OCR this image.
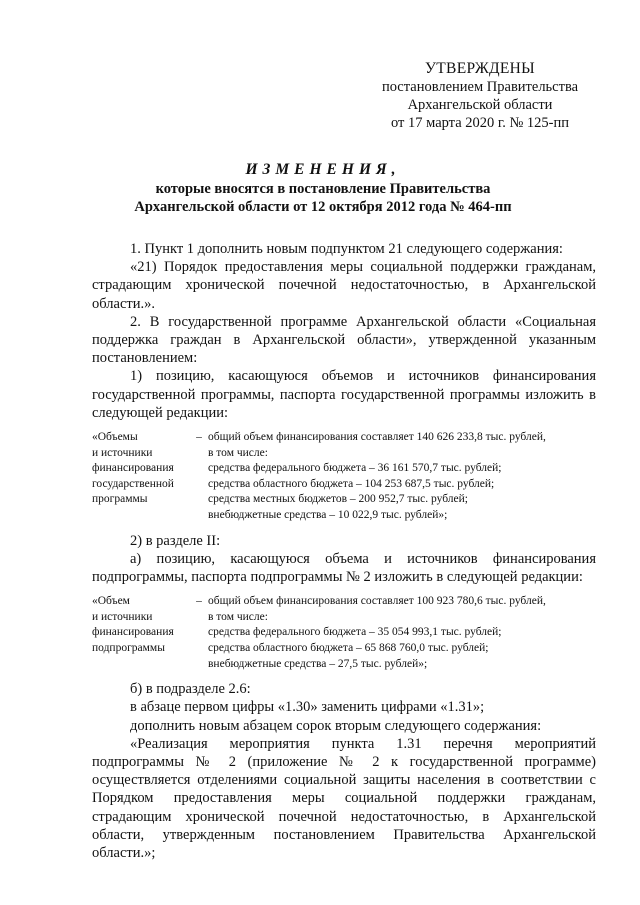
УТВЕРЖДЕНЫ
постановлением Правительства
Архангельской области
от 17 марта 2020 г. № 125-пп
ИЗМЕНЕНИЯ,
которые вносятся в постановление Правительства
Архангельской области от 12 октября 2012 года № 464-пп

1. Пункт 1 дополнить новым подпунктом 21 следующего содержания:

«21) Порядок предоставления меры социальной поддержки гражданам, страдающим хронической почечной недостаточностью, в Архангельской области.».

2. В государственной программе Архангельской области «Социальная поддержка граждан в Архангельской области», утвержденной указанным постановлением:

1) позицию, касающуюся объемов и источников финансирования государственной программы, паспорта государственной программы изложить в следующей редакции:

«Объемы
и источники
финансирования
государственной
программы
– общий объем финансирования составляет 140 626 233,8 тыс. рублей,
в том числе:
средства федерального бюджета – 36 161 570,7 тыс. рублей;
средства областного бюджета – 104 253 687,5 тыс. рублей;
средства местных бюджетов – 200 952,7 тыс. рублей;
внебюджетные средства – 10 022,9 тыс. рублей»;

2) в разделе II:

а) позицию, касающуюся объема и источников финансирования подпрограммы, паспорта подпрограммы № 2 изложить в следующей редакции:

«Объем
и источники
финансирования
подпрограммы
– общий объем финансирования составляет 100 923 780,6 тыс. рублей,
в том числе:
средства федерального бюджета – 35 054 993,1 тыс. рублей;
средства областного бюджета – 65 868 760,0 тыс. рублей;
внебюджетные средства – 27,5 тыс. рублей»;

б) в подразделе 2.6:

в абзаце первом цифры «1.30» заменить цифрами «1.31»;

дополнить новым абзацем сорок вторым следующего содержания:

«Реализация мероприятия пункта 1.31 перечня мероприятий подпрограммы № 2 (приложение № 2 к государственной программе) осуществляется отделениями социальной защиты населения в соответствии с Порядком предоставления меры социальной поддержки гражданам, страдающим хронической почечной недостаточностью, в Архангельской области, утвержденным постановлением Правительства Архангельской области.»;
